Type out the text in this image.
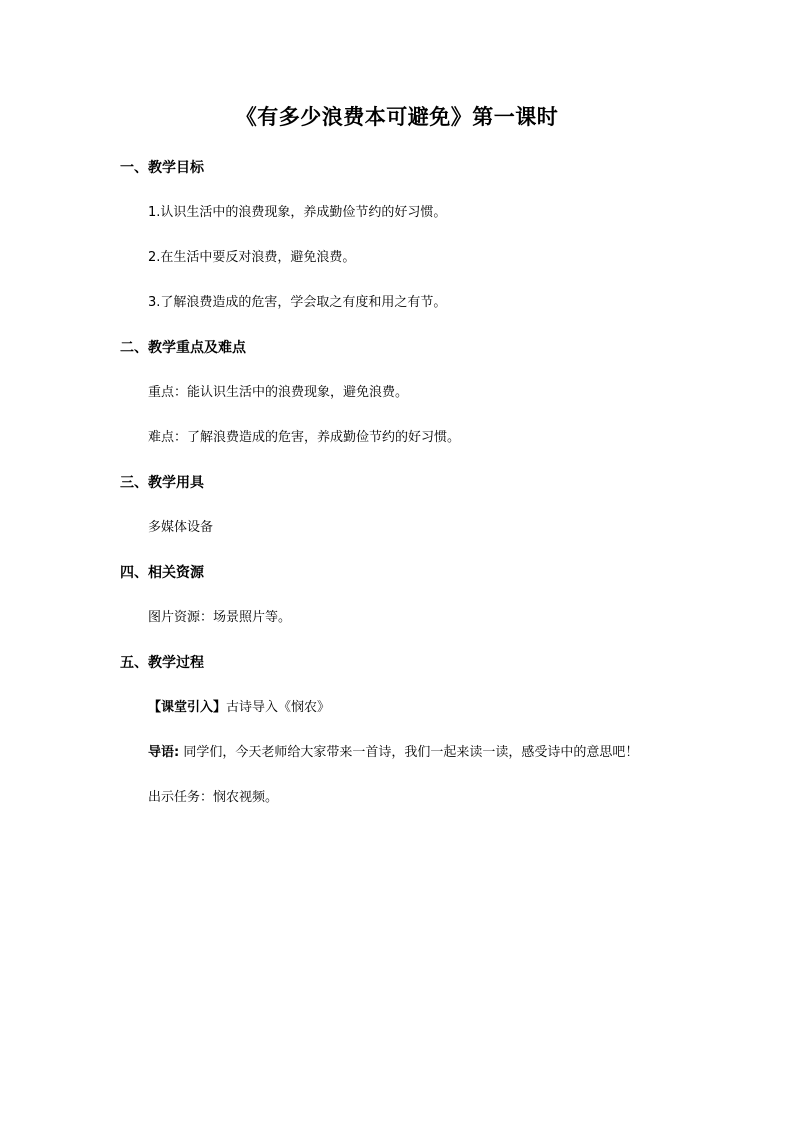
《有多少浪费本可避免》第一课时
一、教学目标
1.认识生活中的浪费现象，养成勤俭节约的好习惯。
2.在生活中要反对浪费，避免浪费。
3.了解浪费造成的危害，学会取之有度和用之有节。
二、教学重点及难点
重点：能认识生活中的浪费现象，避免浪费。
难点：了解浪费造成的危害，养成勤俭节约的好习惯。
三、教学用具
多媒体设备
四、相关资源
图片资源：场景照片等。
五、教学过程
【课堂引入】古诗导入《悯农》
导语: 同学们，今天老师给大家带来一首诗，我们一起来读一读，感受诗中的意思吧！
出示任务：悯农视频。
